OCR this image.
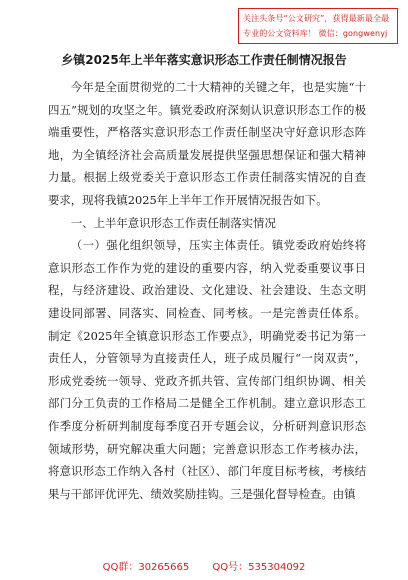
关注头条号“公文研究”，获得最新最全最专业的公文资料库！ 微信：gongwenyj
乡镇2025年上半年落实意识形态工作责任制情况报告

今年是全面贯彻党的二十大精神的关键之年，也是实施“十四五”规划的攻坚之年。镇党委政府深刻认识意识形态工作的极端重要性，严格落实意识形态工作责任制坚决守好意识形态阵地，为全镇经济社会高质量发展提供坚强思想保证和强大精神力量。根据上级党委关于意识形态工作责任制落实情况的自查要求，现将我镇2025年上半年工作开展情况报告如下。

一、上半年意识形态工作责任制落实情况

（一）强化组织领导，压实主体责任。镇党委政府始终将意识形态工作作为党的建设的重要内容，纳入党委重要议事日程，与经济建设、政治建设、文化建设、社会建设、生态文明建设同部署、同落实、同检查、同考核。一是完善责任体系。制定《2025年全镇意识形态工作要点》，明确党委书记为第一责任人，分管领导为直接责任人，班子成员履行“一岗双责”，形成党委统一领导、党政齐抓共管、宣传部门组织协调、相关部门分工负责的工作格局二是健全工作机制。建立意识形态工作季度分析研判制度每季度召开专题会议，分析研判意识形态领域形势，研究解决重大问题；完善意识形态工作考核办法，将意识形态工作纳入各村（社区）、部门年度目标考核，考核结果与干部评优评先、绩效奖励挂钩。三是强化督导检查。由镇

QQ群：30265665 QQ号：535304092
